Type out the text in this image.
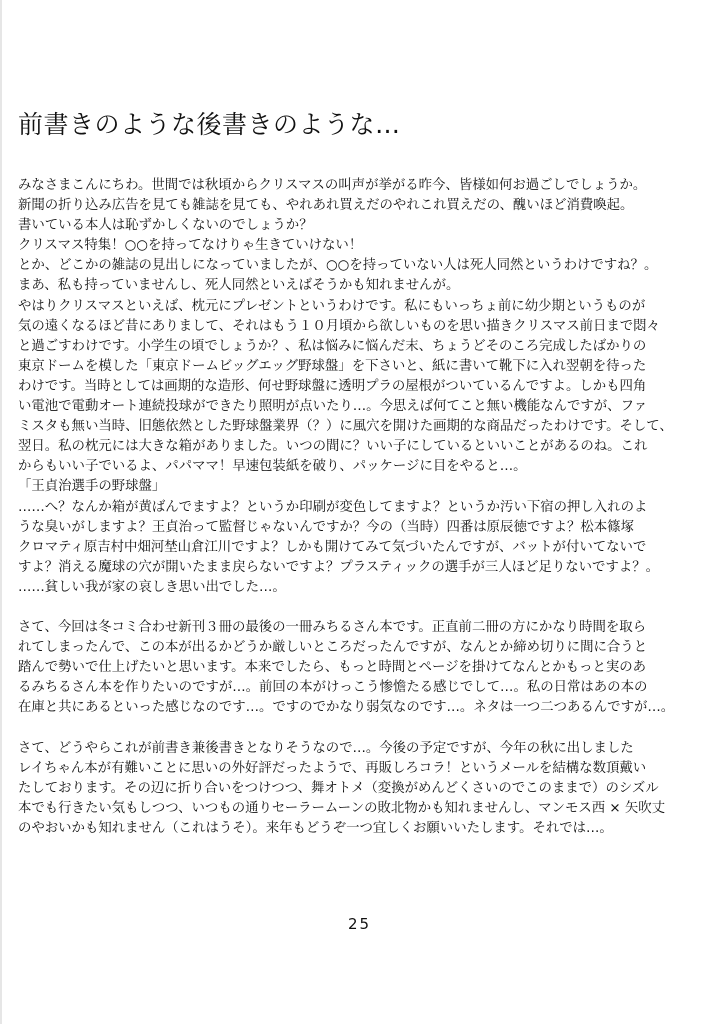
前書きのような後書きのような…
みなさまこんにちわ。世間では秋頃からクリスマスの叫声が挙がる昨今、皆様如何お過ごしでしょうか。
新聞の折り込み広告を見ても雑誌を見ても、やれあれ買えだのやれこれ買えだの、醜いほど消費喚起。
書いている本人は恥ずかしくないのでしょうか？
クリスマス特集！○○を持ってなけりゃ生きていけない！
とか、どこかの雑誌の見出しになっていましたが、○○を持っていない人は死人同然というわけですね？。
まあ、私も持っていませんし、死人同然といえばそうかも知れませんが。
やはりクリスマスといえば、枕元にプレゼントというわけです。私にもいっちょ前に幼少期というものが
気の遠くなるほど昔にありまして、それはもう１０月頃から欲しいものを思い描きクリスマス前日まで悶々
と過ごすわけです。小学生の頃でしょうか？、私は悩みに悩んだ末、ちょうどそのころ完成したばかりの
東京ドームを模した「東京ドームビッグエッグ野球盤」を下さいと、紙に書いて靴下に入れ翌朝を待った
わけです。当時としては画期的な造形、何せ野球盤に透明プラの屋根がついているんですよ。しかも四角
い電池で電動オート連続投球ができたり照明が点いたり…。今思えば何てこと無い機能なんですが、ファ
ミスタも無い当時、旧態依然とした野球盤業界（？）に風穴を開けた画期的な商品だったわけです。そして、
翌日。私の枕元には大きな箱がありました。いつの間に？いい子にしているといいことがあるのね。これ
からもいい子でいるよ、パパママ！早速包装紙を破り、パッケージに目をやると…。
「王貞治選手の野球盤」
……へ？なんか箱が黄ばんでますよ？というか印刷が変色してますよ？というか汚い下宿の押し入れのよ
うな臭いがしますよ？王貞治って監督じゃないんですか？今の（当時）四番は原辰徳ですよ？松本篠塚
クロマティ原吉村中畑河埜山倉江川ですよ？しかも開けてみて気づいたんですが、バットが付いてないで
すよ？消える魔球の穴が開いたまま戻らないですよ？プラスティックの選手が三人ほど足りないですよ？。
……貧しい我が家の哀しき思い出でした…。
さて、今回は冬コミ合わせ新刊３冊の最後の一冊みちるさん本です。正直前二冊の方にかなり時間を取ら
れてしまったんで、この本が出るかどうか厳しいところだったんですが、なんとか締め切りに間に合うと
踏んで勢いで仕上げたいと思います。本来でしたら、もっと時間とページを掛けてなんとかもっと実のあ
るみちるさん本を作りたいのですが…。前回の本がけっこう惨憺たる感じでして…。私の日常はあの本の
在庫と共にあるといった感じなのです…。ですのでかなり弱気なのです…。ネタは一つ二つあるんですが…。
さて、どうやらこれが前書き兼後書きとなりそうなので…。今後の予定ですが、今年の秋に出しました
レイちゃん本が有難いことに思いの外好評だったようで、再販しろコラ！というメールを結構な数頂戴い
たしております。その辺に折り合いをつけつつ、舞オトメ（変換がめんどくさいのでこのままで）のシズル
本でも行きたい気もしつつ、いつもの通りセーラームーンの敗北物かも知れませんし、マンモス西 × 矢吹丈
のやおいかも知れません（これはうそ）。来年もどうぞ一つ宜しくお願いいたします。それでは…。
25
